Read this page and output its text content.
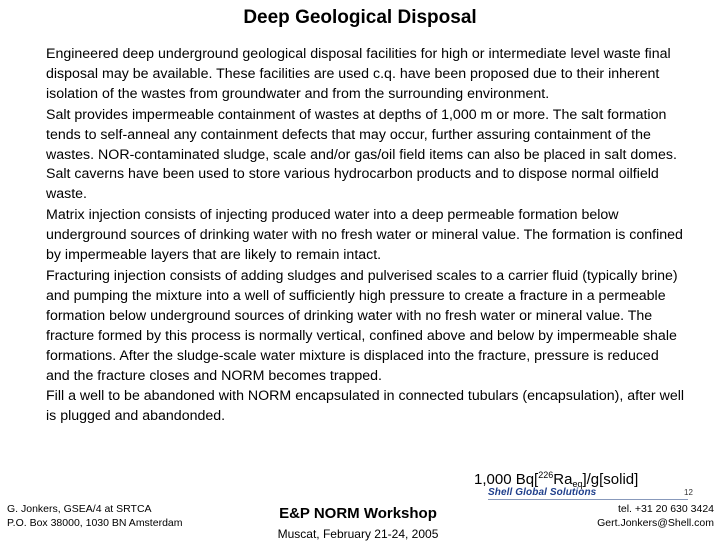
Deep Geological Disposal

Engineered deep underground geological disposal facilities for high or intermediate level waste final disposal may be available. These facilities are used c.q. have been proposed due to their inherent isolation of the wastes from groundwater and from the surrounding environment.

Salt provides impermeable containment of wastes at depths of 1,000 m or more. The salt formation tends to self-anneal any containment defects that may occur, further assuring containment of the wastes. NOR-contaminated sludge, scale and/or gas/oil field items can also be placed in salt domes. Salt caverns have been used to store various hydrocarbon products and to dispose normal oilfield waste.

Matrix injection consists of injecting produced water into a deep permeable formation below underground sources of drinking water with no fresh water or mineral value. The formation is confined by impermeable layers that are likely to remain intact.

Fracturing injection consists of adding sludges and pulverised scales to a carrier fluid (typically brine) and pumping the mixture into a well of sufficiently high pressure to create a fracture in a permeable formation below underground sources of drinking water with no fresh water or mineral value. The fracture formed by this process is normally vertical, confined above and below by impermeable shale formations. After the sludge-scale water mixture is displaced into the fracture, pressure is reduced and the fracture closes and NORM becomes trapped.

Fill a well to be abandoned with NORM encapsulated in connected tubulars (encapsulation), after well is plugged and abandonded.

1,000 $Bq[^{226}Ra_{eq}]/g[solid]$
Shell Global Solutions	12
G. Jonkers, GSEA/4 at SRTCA
P.O. Box 38000, 1030 BN Amsterdam
E&P NORM Workshop
Muscat, February 21-24, 2005
tel. +31 20 630 3424
Gert.Jonkers@Shell.com
